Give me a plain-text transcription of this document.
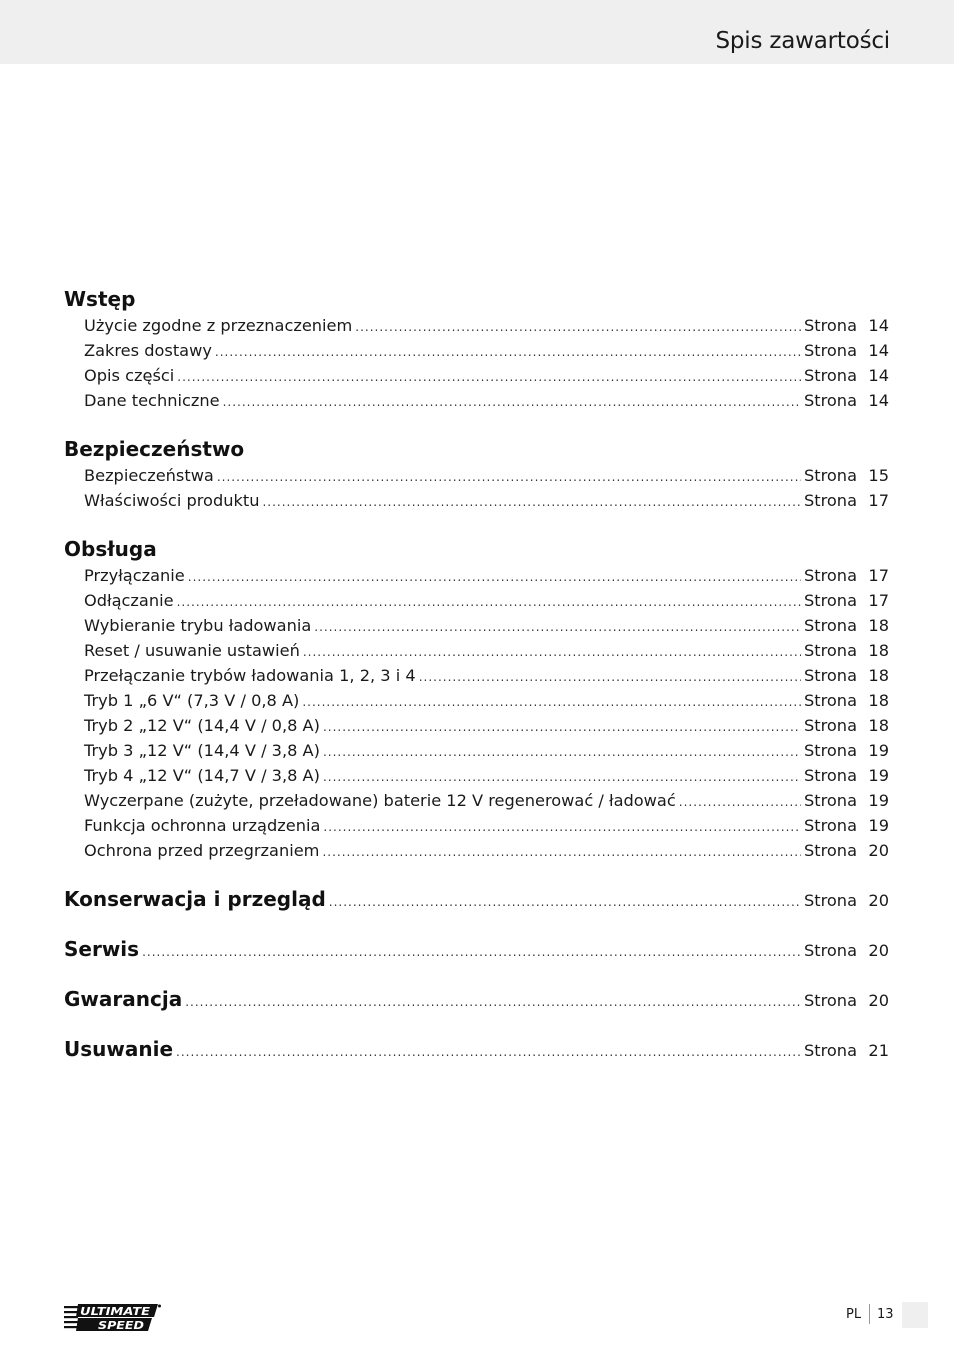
Spis zawartości
Wstęp
Użycie zgodne z przeznaczeniem .....	Strona 14
Zakres dostawy .....	Strona 14
Opis części .....	Strona 14
Dane techniczne .....	Strona 14
Bezpieczeństwo
Bezpieczeństwa .....	Strona 15
Właściwości produktu .....	Strona 17
Obsługa
Przyłączanie .....	Strona 17
Odłączanie .....	Strona 17
Wybieranie trybu ładowania .....	Strona 18
Reset / usuwanie ustawień .....	Strona 18
Przełączanie trybów ładowania 1, 2, 3 i 4 .....	Strona 18
Tryb 1 „6 V“ (7,3 V / 0,8 A) .....	Strona 18
Tryb 2 „12 V“ (14,4 V / 0,8 A) .....	Strona 18
Tryb 3 „12 V“ (14,4 V / 3,8 A) .....	Strona 19
Tryb 4 „12 V“ (14,7 V / 3,8 A) .....	Strona 19
Wyczerpane (zużyte, przeładowane) baterie 12 V regenerować / ładować .....	Strona 19
Funkcja ochronna urządzenia .....	Strona 19
Ochrona przed przegrzaniem .....	Strona 20
Konserwacja i przegląd .....	Strona 20
Serwis .....	Strona 20
Gwarancja .....	Strona 20
Usuwanie .....	Strona 21
ULTIMATE
SPEED
PL 13
